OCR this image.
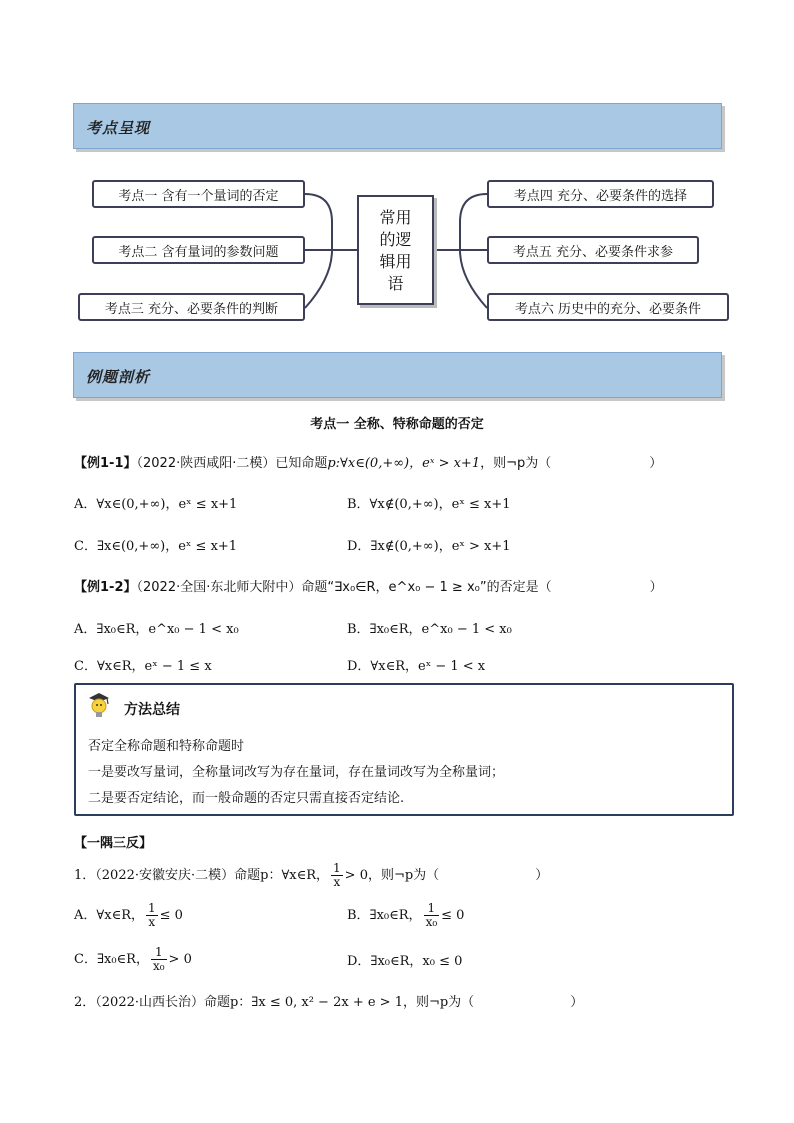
考点呈现
考点一 含有一个量词的否定
考点二 含有量词的参数问题
考点三 充分、必要条件的判断
常用
的逻
辑用
语
考点四 充分、必要条件的选择
考点五 充分、必要条件求参
考点六 历史中的充分、必要条件
例题剖析
考点一 全称、特称命题的否定
【例1-1】（2022·陕西咸阳·二模）已知命题p:∀x∈(0,+∞)，eˣ > x+1，则¬p为（	）
A．∀x∈(0,+∞)，eˣ ≤ x+1	B．∀x∉(0,+∞)，eˣ ≤ x+1
C．∃x∈(0,+∞)，eˣ ≤ x+1	D．∃x∉(0,+∞)，eˣ > x+1
【例1-2】（2022·全国·东北师大附中）命题“∃x₀∈R，e^x₀ − 1 ≥ x₀”的否定是（	）
A．∃x₀∈R，e^x₀ − 1 < x₀	B．∃x₀∈R，e^x₀ − 1 < x₀
C．∀x∈R，eˣ − 1 ≤ x	D．∀x∈R，eˣ − 1 < x
方法总结
否定全称命题和特称命题时
一是要改写量词，全称量词改写为存在量词，存在量词改写为全称量词；
二是要否定结论，而一般命题的否定只需直接否定结论.
【一隅三反】
1．（2022·安徽安庆·二模）命题p：∀x∈R， $\frac{1}{x} > 0$，则¬p为（	）
A．∀x∈R， $\frac{1}{x} \le 0$	B．∃x₀∈R， $\frac{1}{\text{x₀}} \le 0$
C．∃x₀∈R， $\frac{1}{\text{x₀}} > 0$	D．∃x₀∈R，x₀ ≤ 0
2．（2022·山西长治）命题p：∃x ≤ 0, x² − 2x + e > 1，则¬p为（	）
